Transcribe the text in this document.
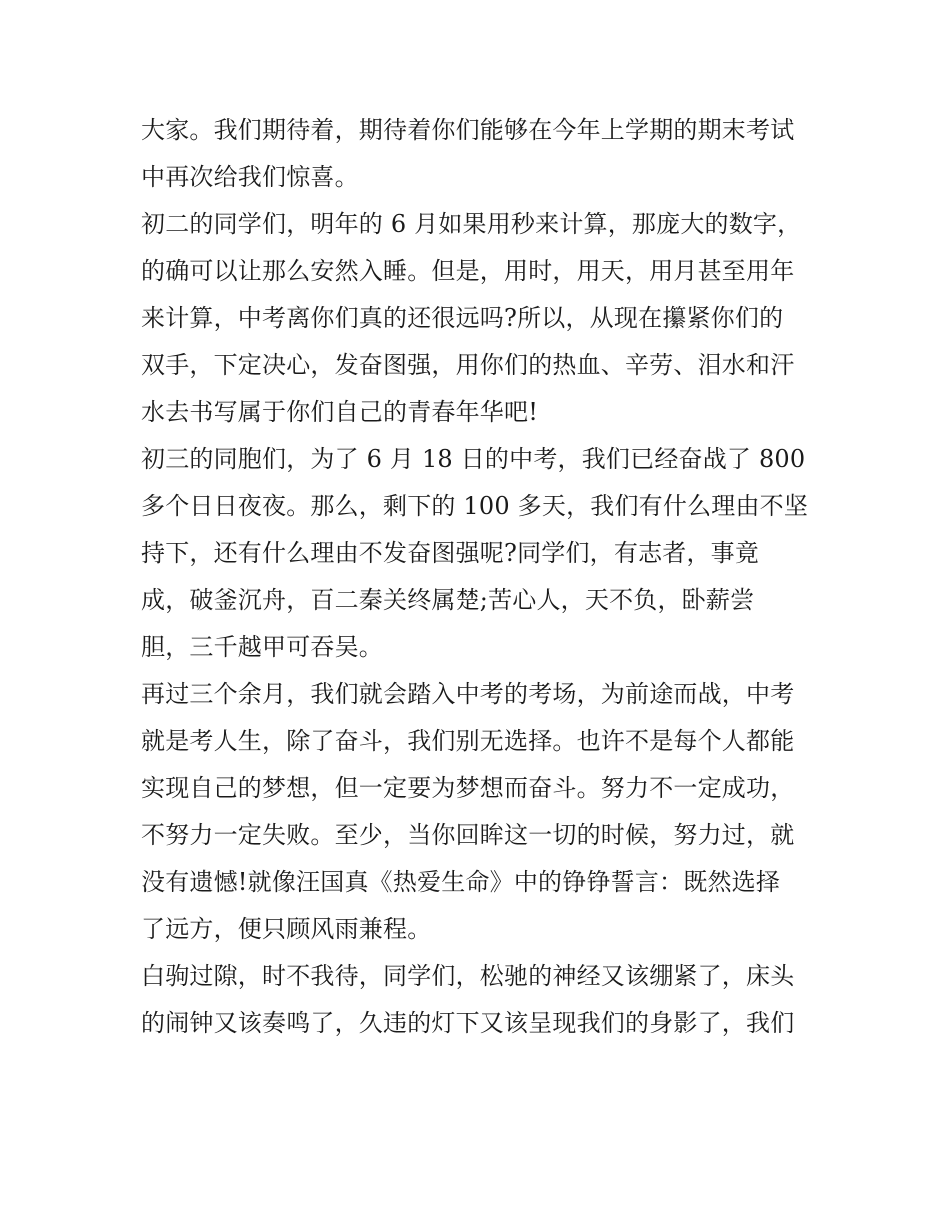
大家。我们期待着，期待着你们能够在今年上学期的期末考试
中再次给我们惊喜。
初二的同学们，明年的 6 月如果用秒来计算，那庞大的数字，
的确可以让那么安然入睡。但是，用时，用天，用月甚至用年
来计算，中考离你们真的还很远吗?所以，从现在攥紧你们的
双手，下定决心，发奋图强，用你们的热血、辛劳、泪水和汗
水去书写属于你们自己的青春年华吧!
初三的同胞们，为了 6 月 18 日的中考，我们已经奋战了 800
多个日日夜夜。那么，剩下的 100 多天，我们有什么理由不坚
持下，还有什么理由不发奋图强呢?同学们，有志者，事竟
成，破釜沉舟，百二秦关终属楚;苦心人，天不负，卧薪尝
胆，三千越甲可吞吴。
再过三个余月，我们就会踏入中考的考场，为前途而战，中考
就是考人生，除了奋斗，我们别无选择。也许不是每个人都能
实现自己的梦想，但一定要为梦想而奋斗。努力不一定成功，
不努力一定失败。至少，当你回眸这一切的时候，努力过，就
没有遗憾!就像汪国真《热爱生命》中的铮铮誓言：既然选择
了远方，便只顾风雨兼程。
白驹过隙，时不我待，同学们，松驰的神经又该绷紧了，床头
的闹钟又该奏鸣了，久违的灯下又该呈现我们的身影了，我们
